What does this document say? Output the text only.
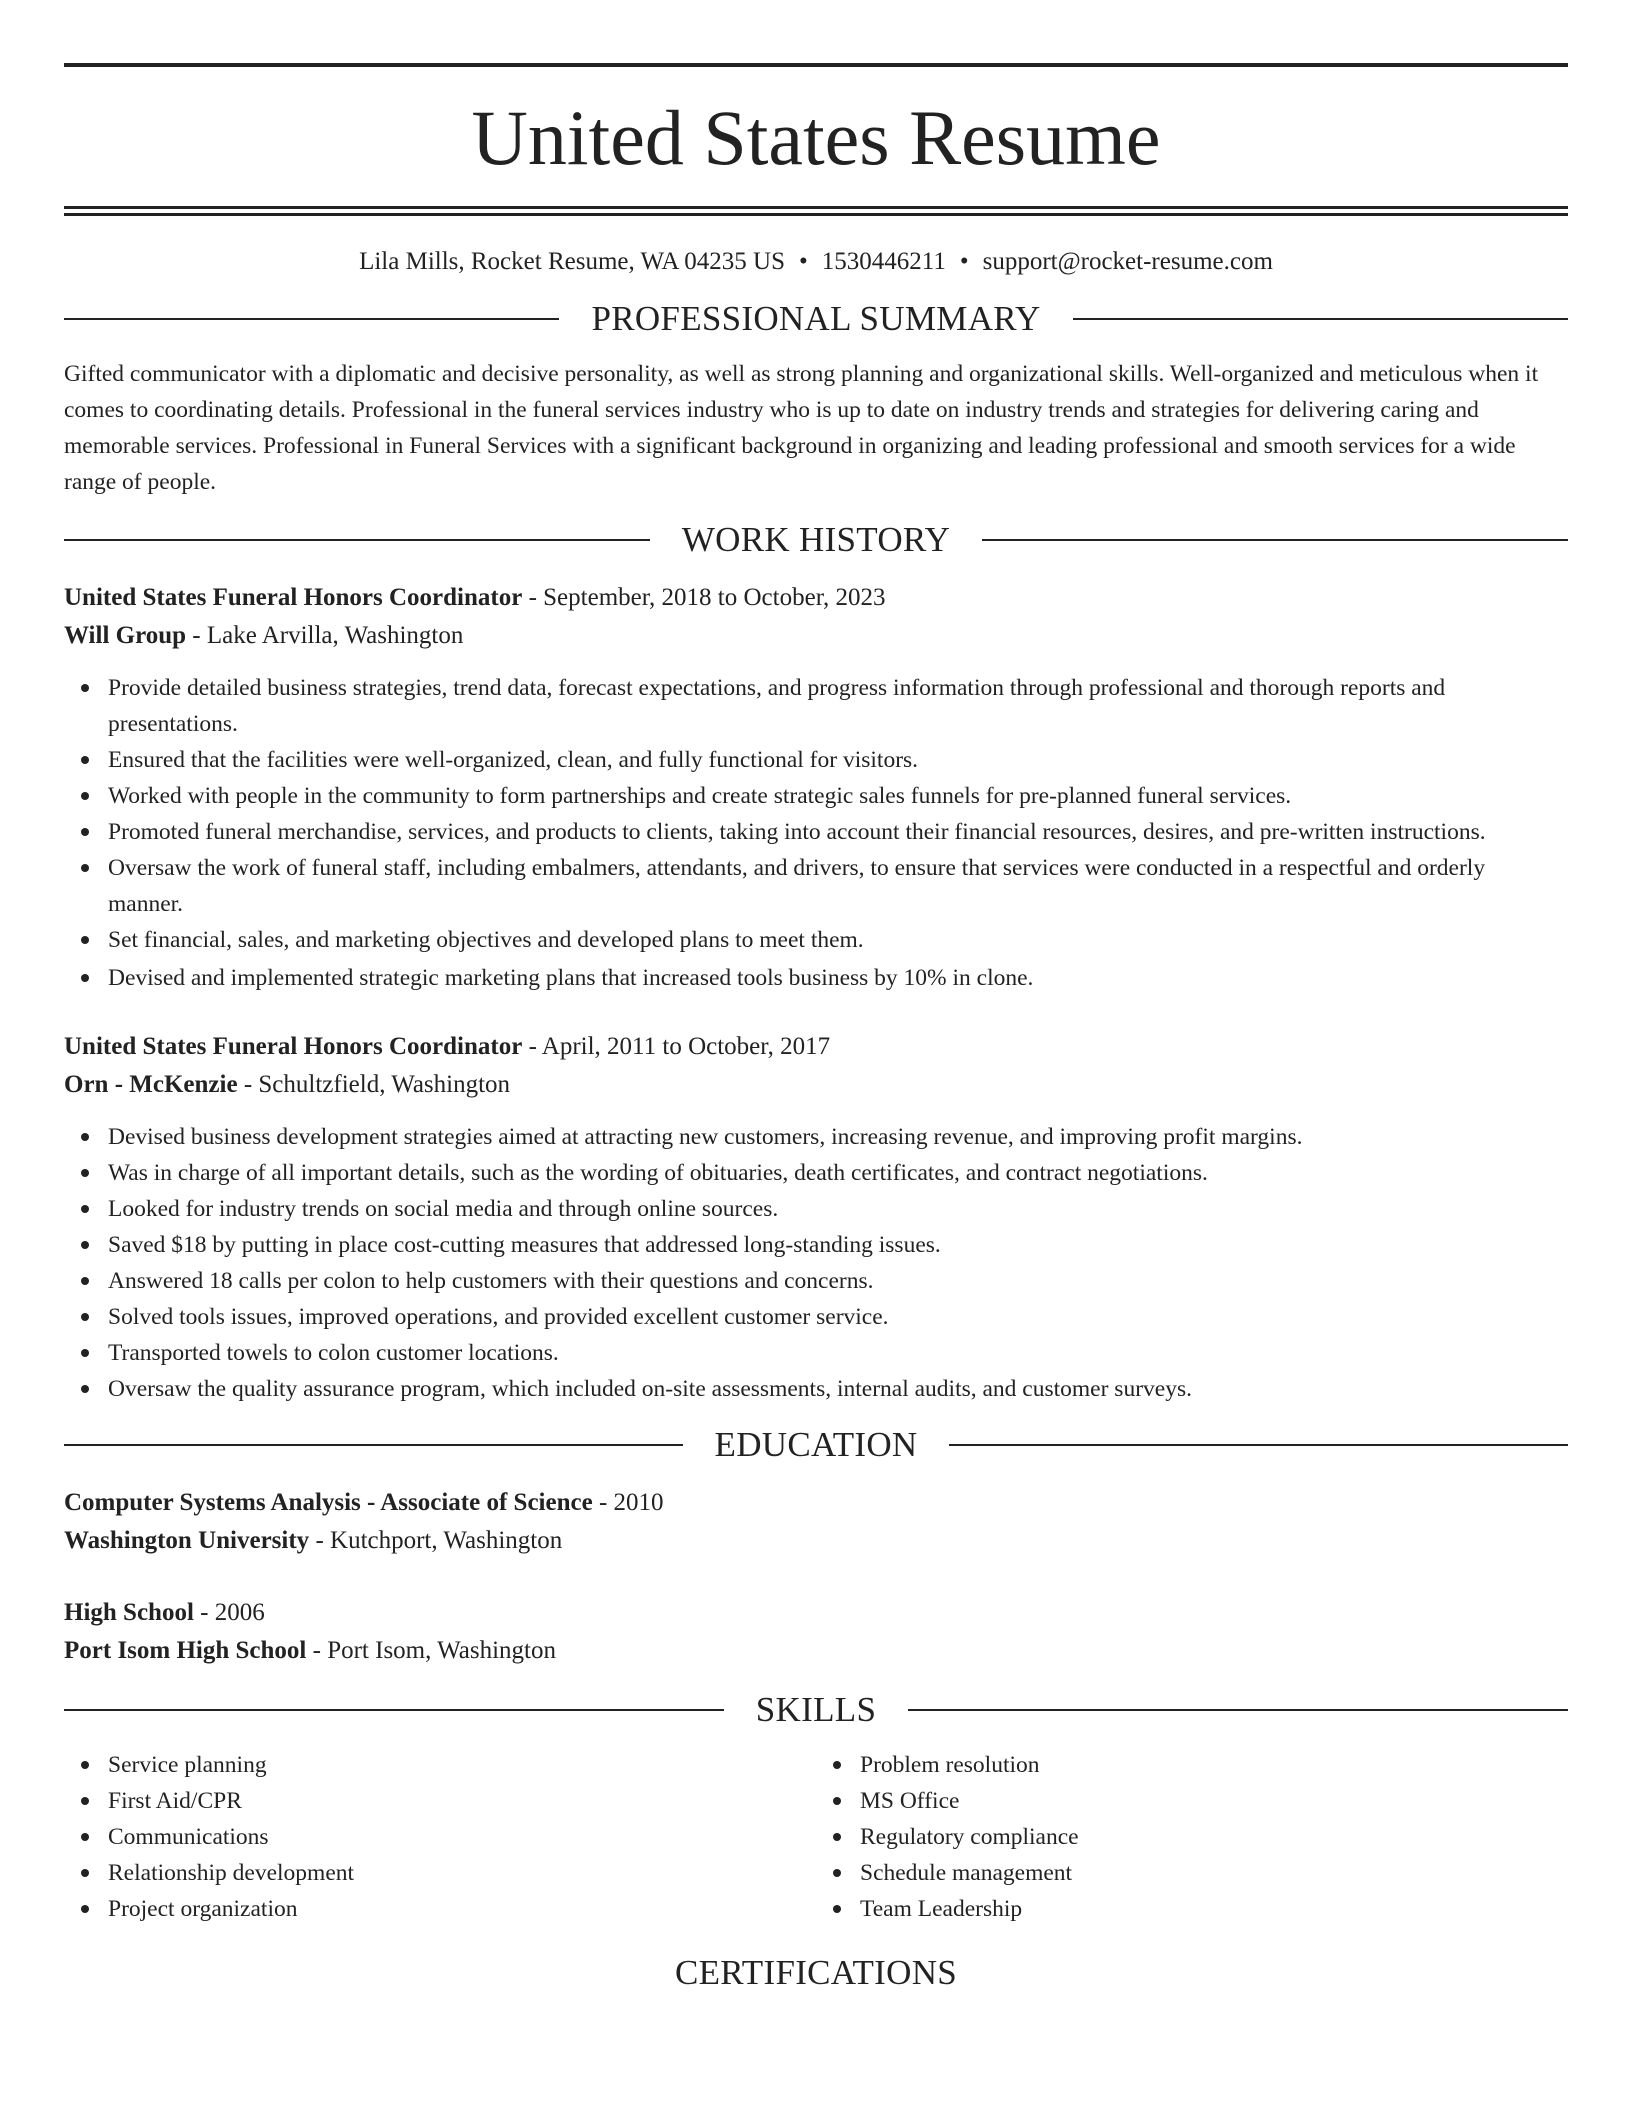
United States Resume
Lila Mills, Rocket Resume, WA 04235 US • 1530446211 • support@rocket-resume.com
PROFESSIONAL SUMMARY

Gifted communicator with a diplomatic and decisive personality, as well as strong planning and organizational skills. Well-organized and meticulous when it comes to coordinating details. Professional in the funeral services industry who is up to date on industry trends and strategies for delivering caring and memorable services. Professional in Funeral Services with a significant background in organizing and leading professional and smooth services for a wide range of people.

WORK HISTORY
United States Funeral Honors Coordinator - September, 2018 to October, 2023
Will Group - Lake Arvilla, Washington
Provide detailed business strategies, trend data, forecast expectations, and progress information through professional and thorough reports and presentations.
Ensured that the facilities were well-organized, clean, and fully functional for visitors.
Worked with people in the community to form partnerships and create strategic sales funnels for pre-planned funeral services.
Promoted funeral merchandise, services, and products to clients, taking into account their financial resources, desires, and pre-written instructions.
Oversaw the work of funeral staff, including embalmers, attendants, and drivers, to ensure that services were conducted in a respectful and orderly manner.
Set financial, sales, and marketing objectives and developed plans to meet them.
Devised and implemented strategic marketing plans that increased tools business by 10% in clone.
United States Funeral Honors Coordinator - April, 2011 to October, 2017
Orn - McKenzie - Schultzfield, Washington
Devised business development strategies aimed at attracting new customers, increasing revenue, and improving profit margins.
Was in charge of all important details, such as the wording of obituaries, death certificates, and contract negotiations.
Looked for industry trends on social media and through online sources.
Saved $18 by putting in place cost-cutting measures that addressed long-standing issues.
Answered 18 calls per colon to help customers with their questions and concerns.
Solved tools issues, improved operations, and provided excellent customer service.
Transported towels to colon customer locations.
Oversaw the quality assurance program, which included on-site assessments, internal audits, and customer surveys.
EDUCATION
Computer Systems Analysis - Associate of Science - 2010
Washington University - Kutchport, Washington
High School - 2006
Port Isom High School - Port Isom, Washington
SKILLS
Service planning
First Aid/CPR
Communications
Relationship development
Project organization
Problem resolution
MS Office
Regulatory compliance
Schedule management
Team Leadership
CERTIFICATIONS
